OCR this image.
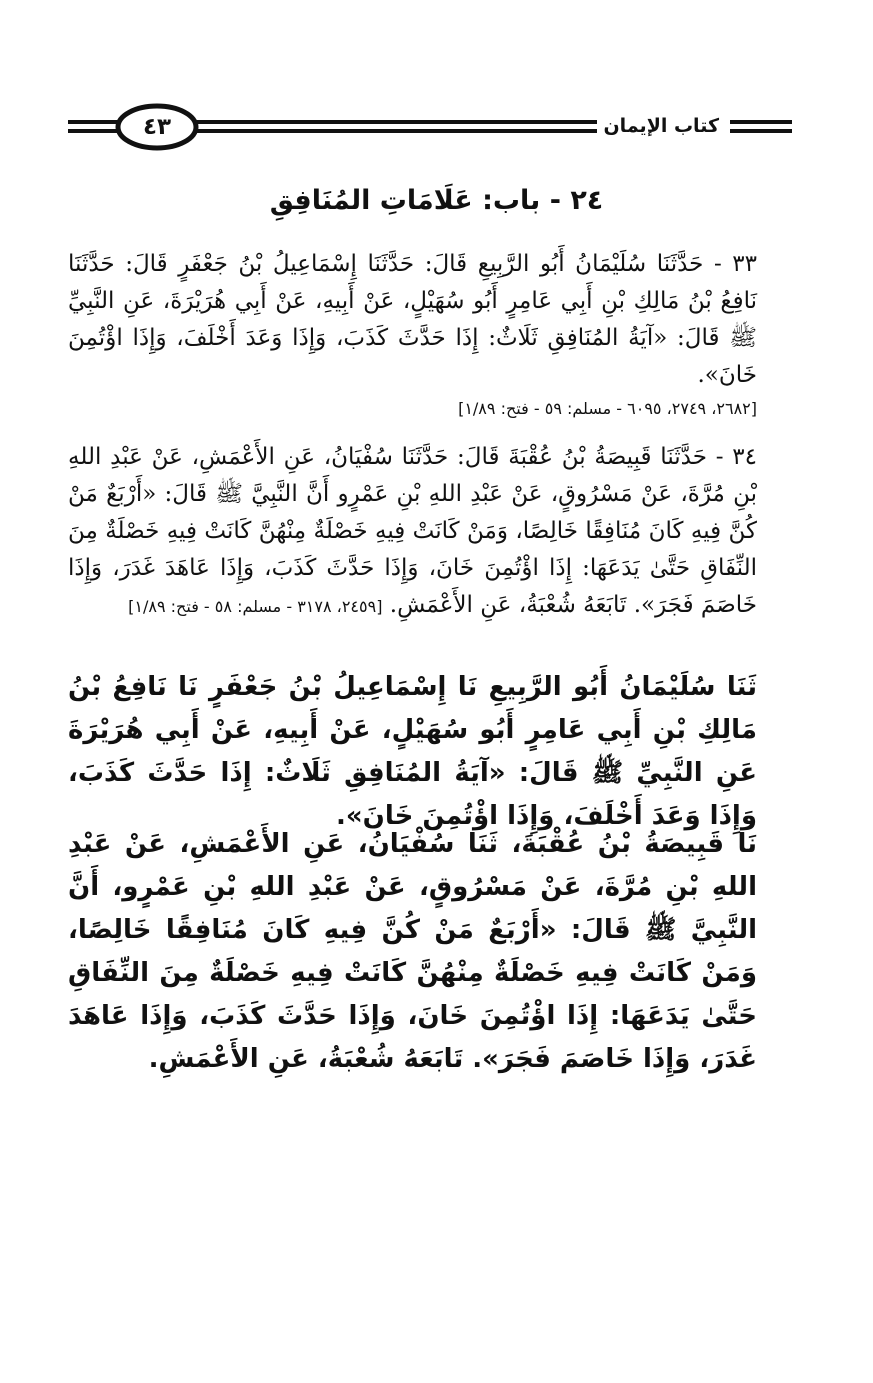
كتاب الإيمان
٤٣
٢٤ - باب: عَلَامَاتِ المُنَافِقِ
٣٣ - حَدَّثَنَا سُلَيْمَانُ أَبُو الرَّبِيعِ قَالَ: حَدَّثَنَا إِسْمَاعِيلُ بْنُ جَعْفَرٍ قَالَ: حَدَّثَنَا نَافِعُ بْنُ مَالِكِ بْنِ أَبِي عَامِرٍ أَبُو سُهَيْلٍ، عَنْ أَبِيهِ، عَنْ أَبِي هُرَيْرَةَ، عَنِ النَّبِيِّ ﷺ قَالَ: «آيَةُ المُنَافِقِ ثَلَاثٌ: إِذَا حَدَّثَ كَذَبَ، وَإِذَا وَعَدَ أَخْلَفَ، وَإِذَا اؤْتُمِنَ خَانَ».
[٢٦٨٢، ٢٧٤٩، ٦٠٩٥ - مسلم: ٥٩ - فتح: ١/٨٩]
٣٤ - حَدَّثَنَا قَبِيصَةُ بْنُ عُقْبَةَ قَالَ: حَدَّثَنَا سُفْيَانُ، عَنِ الأَعْمَشِ، عَنْ عَبْدِ اللهِ بْنِ مُرَّةَ، عَنْ مَسْرُوقٍ، عَنْ عَبْدِ اللهِ بْنِ عَمْرٍو أَنَّ النَّبِيَّ ﷺ قَالَ: «أَرْبَعٌ مَنْ كُنَّ فِيهِ كَانَ مُنَافِقًا خَالِصًا، وَمَنْ كَانَتْ فِيهِ خَصْلَةٌ مِنْهُنَّ كَانَتْ فِيهِ خَصْلَةٌ مِنَ النِّفَاقِ حَتَّىٰ يَدَعَهَا: إِذَا اؤْتُمِنَ خَانَ، وَإِذَا حَدَّثَ كَذَبَ، وَإِذَا عَاهَدَ غَدَرَ، وَإِذَا خَاصَمَ فَجَرَ». تَابَعَهُ شُعْبَةُ، عَنِ الأَعْمَشِ. [٢٤٥٩، ٣١٧٨ - مسلم: ٥٨ - فتح: ١/٨٩]
ثَنَا سُلَيْمَانُ أَبُو الرَّبِيعِ نَا إِسْمَاعِيلُ بْنُ جَعْفَرٍ نَا نَافِعُ بْنُ مَالِكِ بْنِ أَبِي عَامِرٍ أَبُو سُهَيْلٍ، عَنْ أَبِيهِ، عَنْ أَبِي هُرَيْرَةَ عَنِ النَّبِيِّ ﷺ قَالَ: «آيَةُ المُنَافِقِ ثَلَاثٌ: إِذَا حَدَّثَ كَذَبَ، وَإِذَا وَعَدَ أَخْلَفَ، وَإِذَا اؤْتُمِنَ خَانَ».
نَا قَبِيصَةُ بْنُ عُقْبَةَ، ثَنَا سُفْيَانُ، عَنِ الأَعْمَشِ، عَنْ عَبْدِ اللهِ بْنِ مُرَّةَ، عَنْ مَسْرُوقٍ، عَنْ عَبْدِ اللهِ بْنِ عَمْرٍو، أَنَّ النَّبِيَّ ﷺ قَالَ: «أَرْبَعٌ مَنْ كُنَّ فِيهِ كَانَ مُنَافِقًا خَالِصًا، وَمَنْ كَانَتْ فِيهِ خَصْلَةٌ مِنْهُنَّ كَانَتْ فِيهِ خَصْلَةٌ مِنَ النِّفَاقِ حَتَّىٰ يَدَعَهَا: إِذَا اؤْتُمِنَ خَانَ، وَإِذَا حَدَّثَ كَذَبَ، وَإِذَا عَاهَدَ غَدَرَ، وَإِذَا خَاصَمَ فَجَرَ». تَابَعَهُ شُعْبَةُ، عَنِ الأَعْمَشِ.
